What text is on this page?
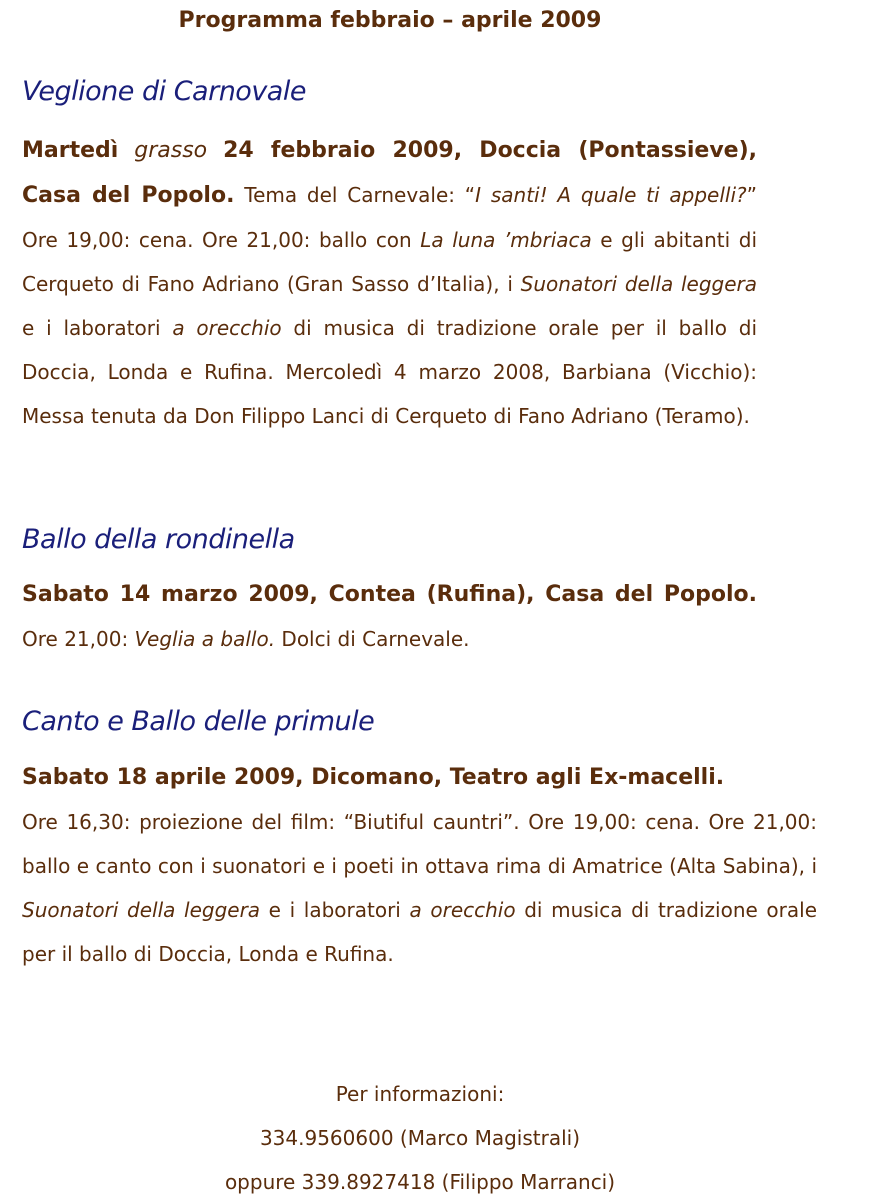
Programma febbraio – aprile 2009
Veglione di Carnovale
Martedì grasso 24 febbraio 2009, Doccia (Pontassieve), Casa del Popolo. Tema del Carnevale: “I santi! A quale ti appelli?” Ore 19,00: cena. Ore 21,00: ballo con La luna ’mbriaca e gli abitanti di Cerqueto di Fano Adriano (Gran Sasso d’Italia), i Suonatori della leggera e i laboratori a orecchio di musica di tradizione orale per il ballo di Doccia, Londa e Rufina. Mercoledì 4 marzo 2008, Barbiana (Vicchio): Messa tenuta da Don Filippo Lanci di Cerqueto di Fano Adriano (Teramo).
Ballo della rondinella
Sabato 14 marzo 2009, Contea (Rufina), Casa del Popolo. Ore 21,00: Veglia a ballo. Dolci di Carnevale.
Canto e Ballo delle primule
Sabato 18 aprile 2009, Dicomano, Teatro agli Ex-macelli.
Ore 16,30: proiezione del film: “Biutiful cauntri”. Ore 19,00: cena. Ore 21,00: ballo e canto con i suonatori e i poeti in ottava rima di Amatrice (Alta Sabina), i Suonatori della leggera e i laboratori a orecchio di musica di tradizione orale per il ballo di Doccia, Londa e Rufina.
Per informazioni:
334.9560600 (Marco Magistrali)
oppure 339.8927418 (Filippo Marranci)
